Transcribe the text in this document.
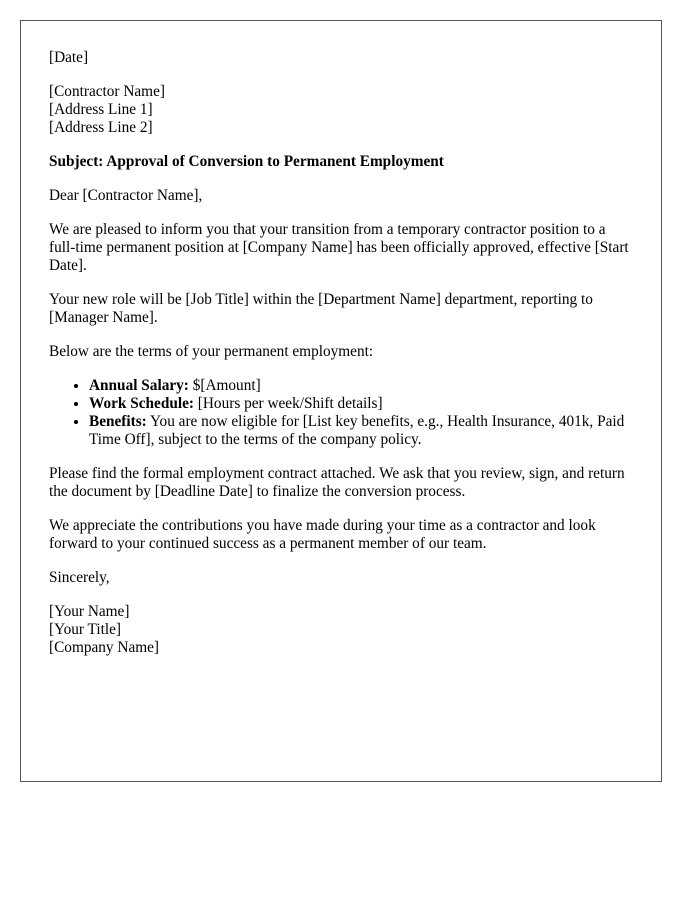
[Date]

[Contractor Name]
[Address Line 1]
[Address Line 2]

Subject: Approval of Conversion to Permanent Employment

Dear [Contractor Name],

We are pleased to inform you that your transition from a temporary contractor position to a full-time permanent position at [Company Name] has been officially approved, effective [Start Date].

Your new role will be [Job Title] within the [Department Name] department, reporting to [Manager Name].

Below are the terms of your permanent employment:

• Annual Salary: $[Amount]
• Work Schedule: [Hours per week/Shift details]
• Benefits: You are now eligible for [List key benefits, e.g., Health Insurance, 401k, Paid Time Off], subject to the terms of the company policy.

Please find the formal employment contract attached. We ask that you review, sign, and return the document by [Deadline Date] to finalize the conversion process.

We appreciate the contributions you have made during your time as a contractor and look forward to your continued success as a permanent member of our team.

Sincerely,

[Your Name]
[Your Title]
[Company Name]
